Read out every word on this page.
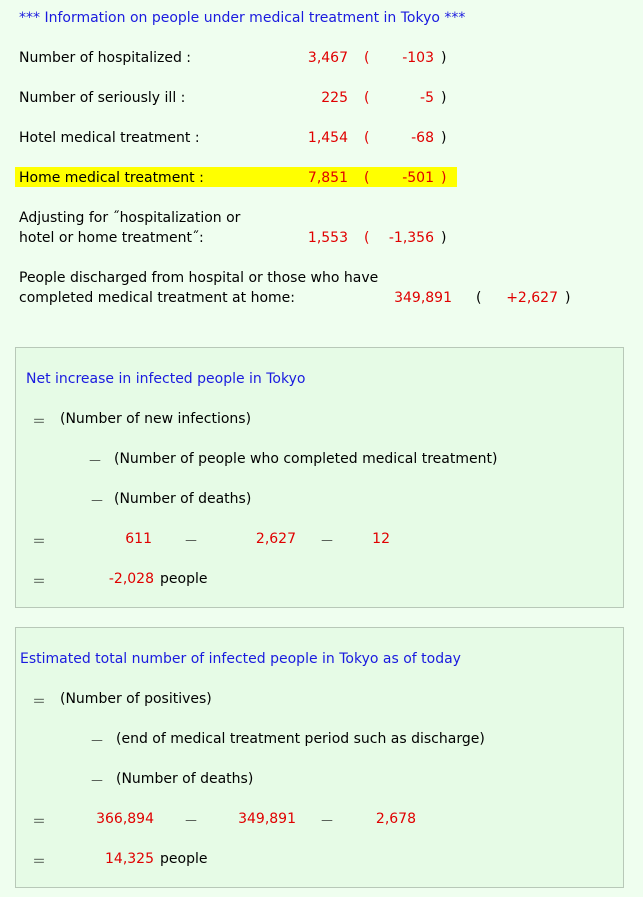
*** Information on people under medical treatment in Tokyo ***
Number of hospitalized :	3,467 (	-103 )
Number of seriously ill :	225 (	-5 )
Hotel medical treatment :	1,454 (	-68 )
Home medical treatment :	7,851 (	-501 )
Adjusting for ˝hospitalization or
hotel or home treatment˝:	1,553 (	-1,356 )
People discharged from hospital or those who have
completed medical treatment at home:	349,891 (	+2,627 )
Net increase in infected people in Tokyo
＝ (Number of new infections)
－ (Number of people who completed medical treatment)
－ (Number of deaths)
＝	611 －	2,627 －	12
＝	-2,028 people
Estimated total number of infected people in Tokyo as of today
＝ (Number of positives)
－ (end of medical treatment period such as discharge)
－ (Number of deaths)
＝	366,894 －	349,891 －	2,678
＝	14,325 people
